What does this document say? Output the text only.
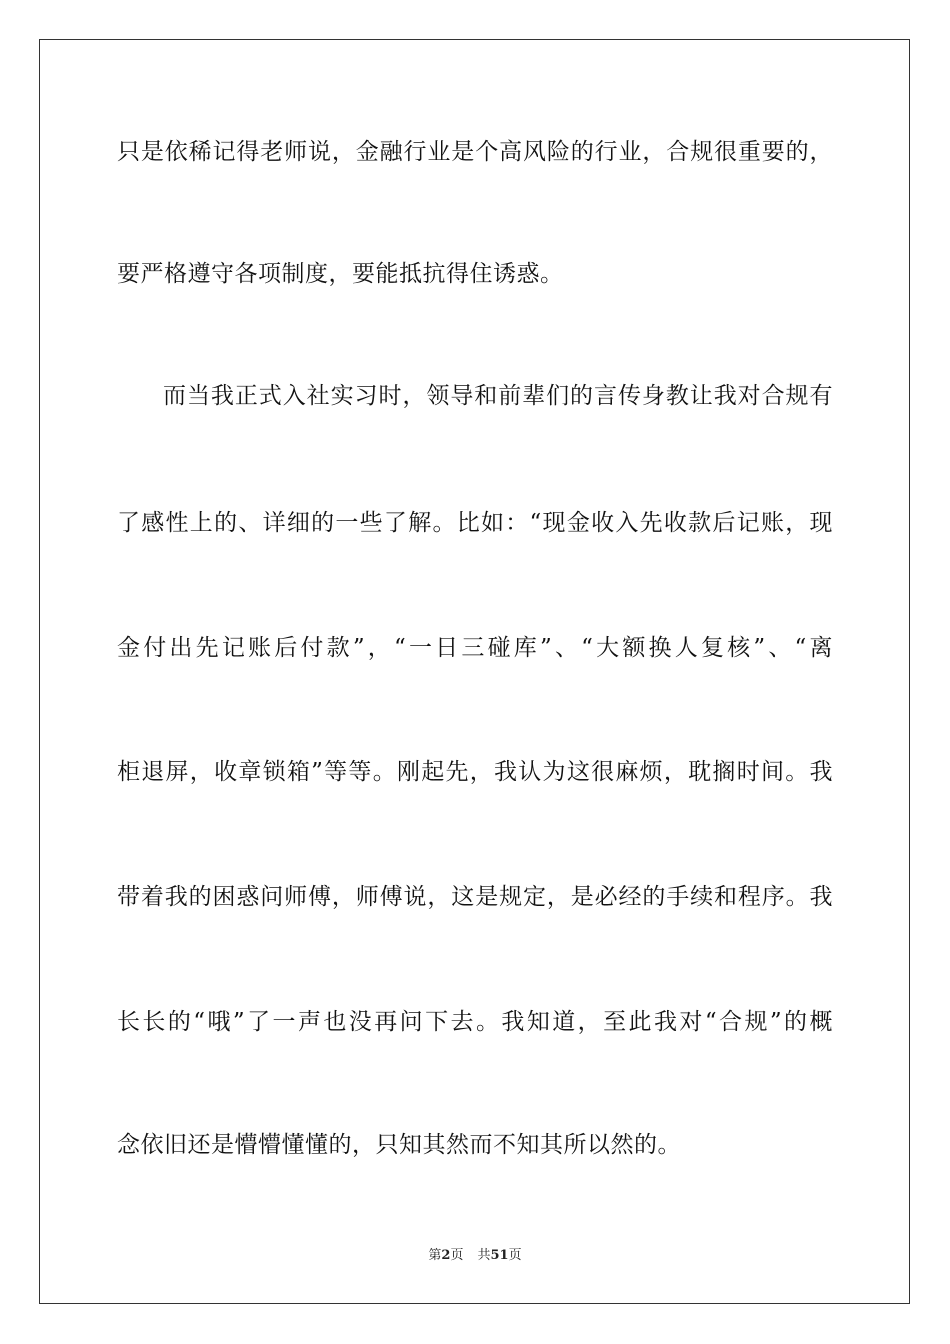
只是依稀记得老师说，金融行业是个高风险的行业，合规很重要的，
要严格遵守各项制度，要能抵抗得住诱惑。
而当我正式入社实习时，领导和前辈们的言传身教让我对合规有
了感性上的、详细的一些了解。比如：“现金收入先收款后记账，现
金付出先记账后付款”，“一日三碰库”、“大额换人复核”、“离
柜退屏，收章锁箱”等等。刚起先，我认为这很麻烦，耽搁时间。我
带着我的困惑问师傅，师傅说，这是规定，是必经的手续和程序。我
长长的“哦”了一声也没再问下去。我知道，至此我对“合规”的概
念依旧还是懵懵懂懂的，只知其然而不知其所以然的。
第2页 共51页
